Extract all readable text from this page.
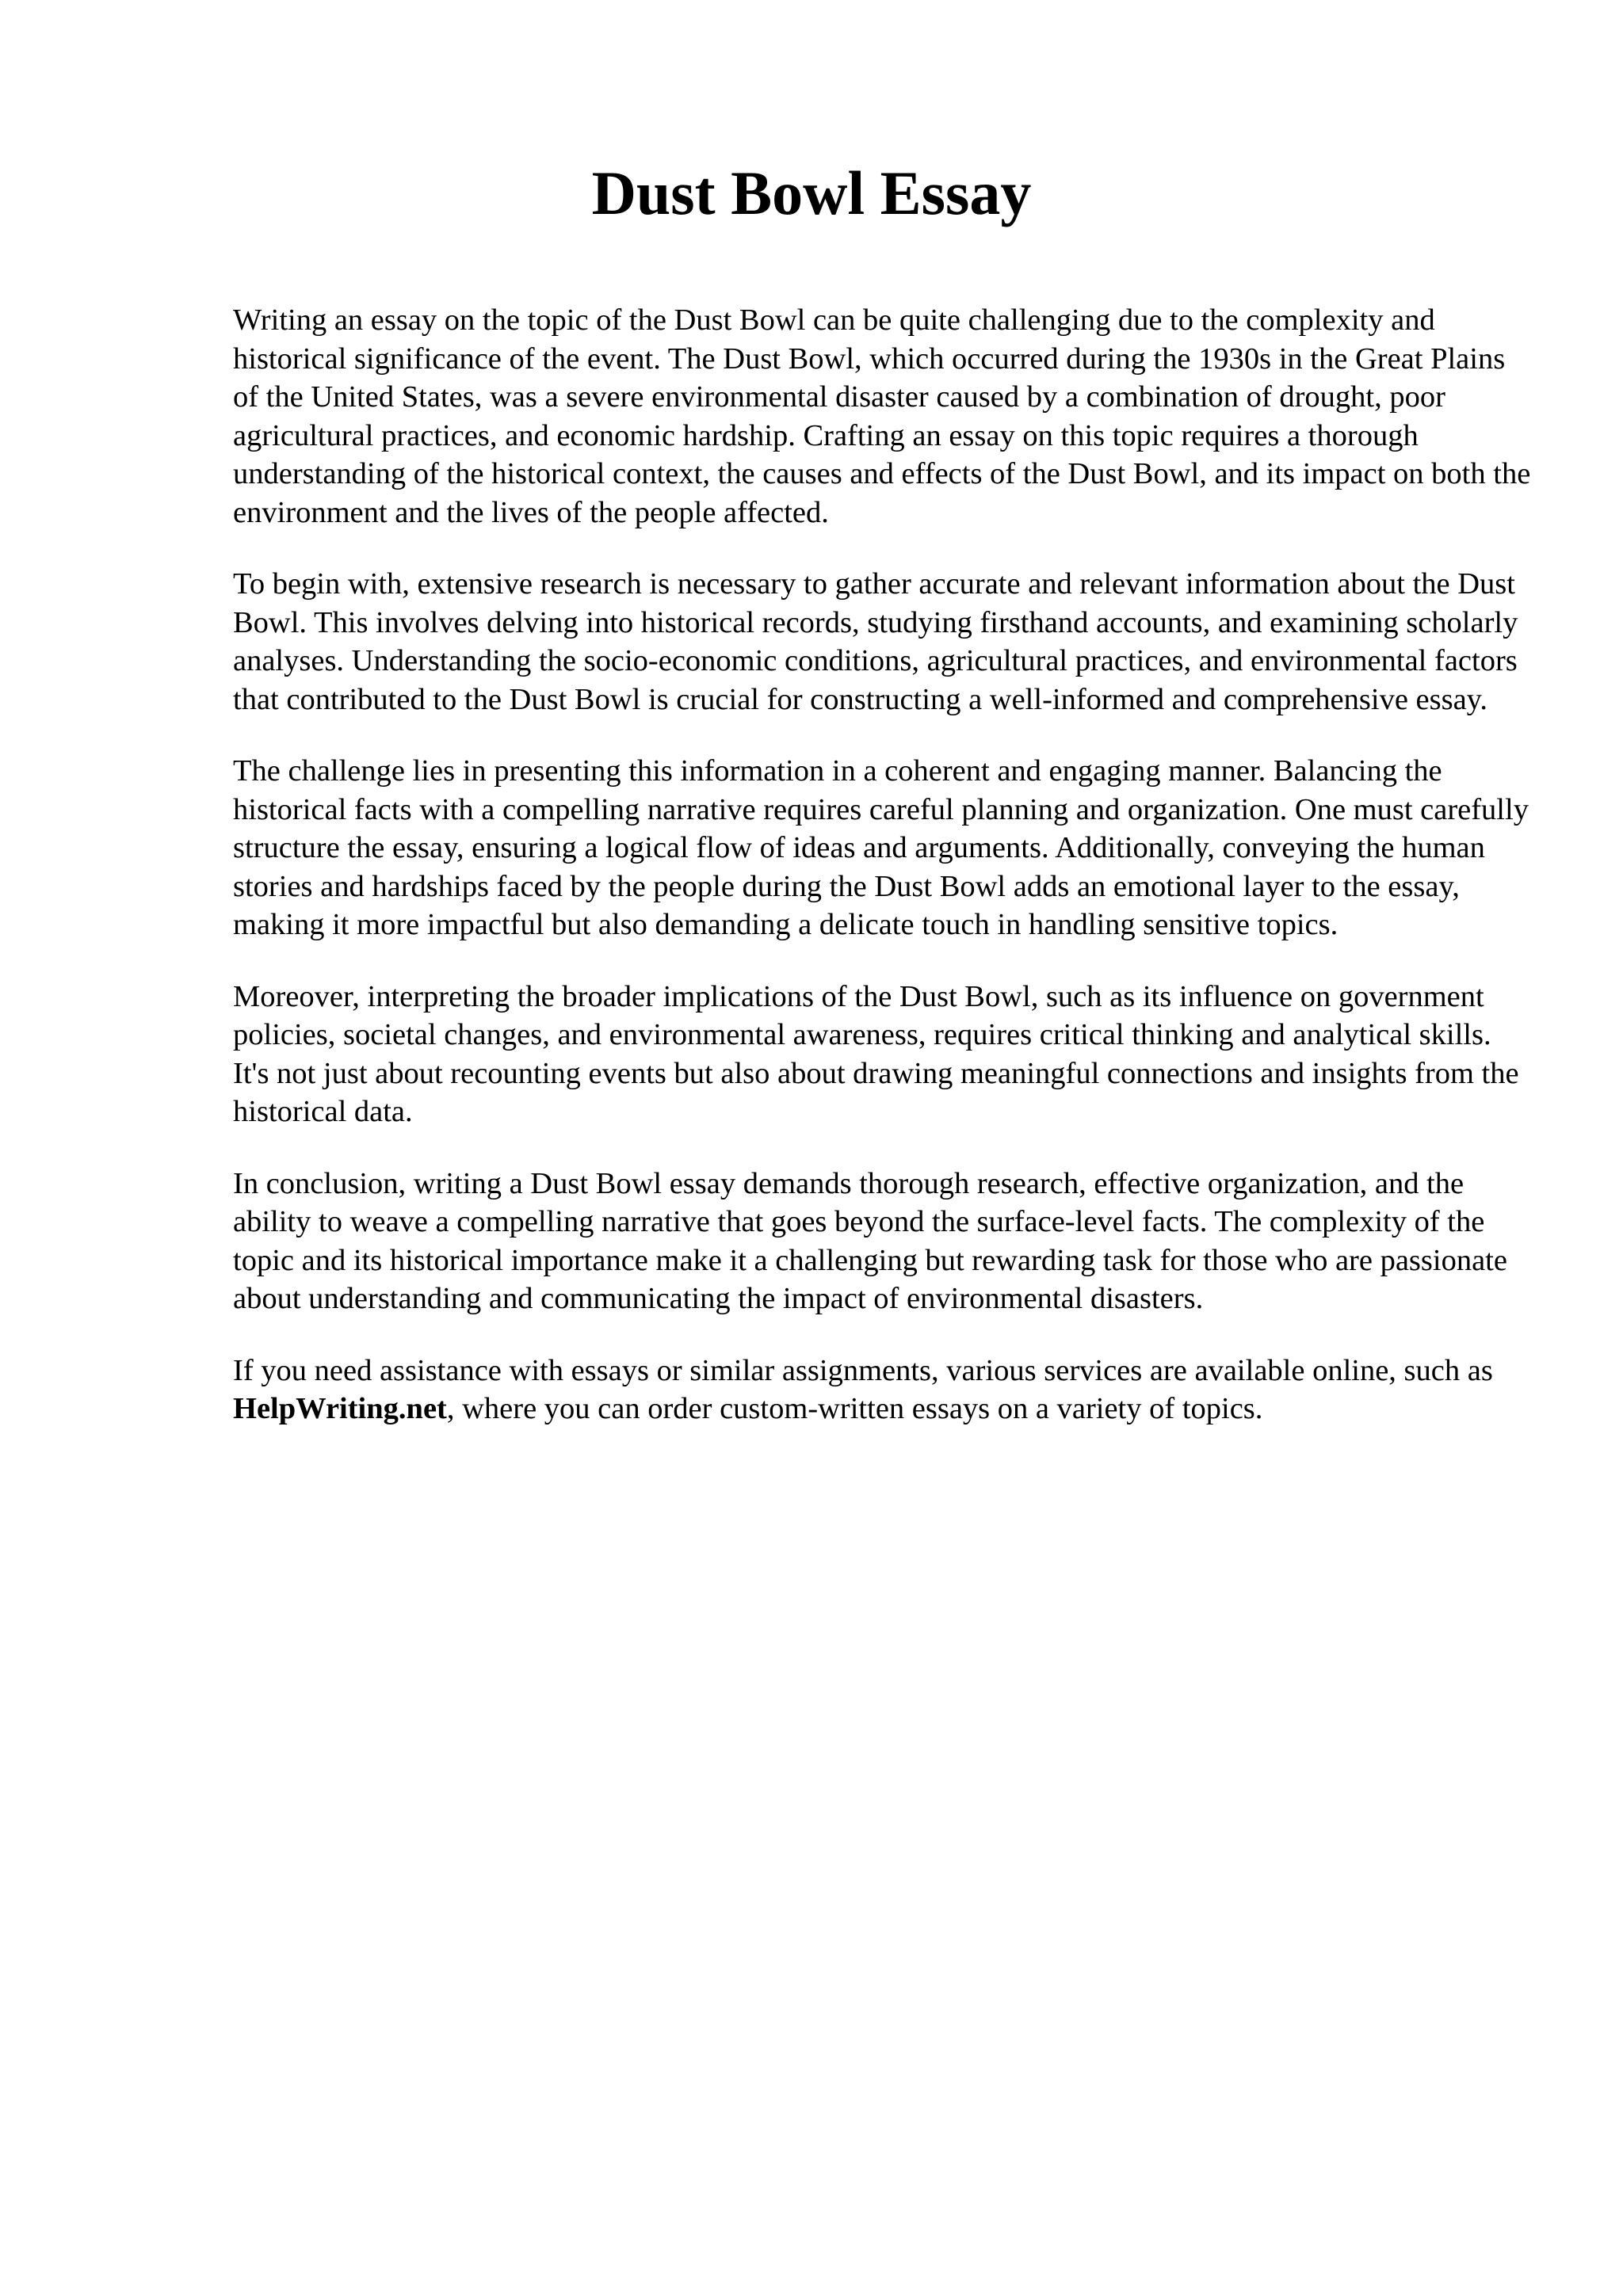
Dust Bowl Essay

Writing an essay on the topic of the Dust Bowl can be quite challenging due to the complexity and historical significance of the event. The Dust Bowl, which occurred during the 1930s in the Great Plains of the United States, was a severe environmental disaster caused by a combination of drought, poor agricultural practices, and economic hardship. Crafting an essay on this topic requires a thorough understanding of the historical context, the causes and effects of the Dust Bowl, and its impact on both the environment and the lives of the people affected.

To begin with, extensive research is necessary to gather accurate and relevant information about the Dust Bowl. This involves delving into historical records, studying firsthand accounts, and examining scholarly analyses. Understanding the socio-economic conditions, agricultural practices, and environmental factors that contributed to the Dust Bowl is crucial for constructing a well-informed and comprehensive essay.

The challenge lies in presenting this information in a coherent and engaging manner. Balancing the historical facts with a compelling narrative requires careful planning and organization. One must carefully structure the essay, ensuring a logical flow of ideas and arguments. Additionally, conveying the human stories and hardships faced by the people during the Dust Bowl adds an emotional layer to the essay, making it more impactful but also demanding a delicate touch in handling sensitive topics.

Moreover, interpreting the broader implications of the Dust Bowl, such as its influence on government policies, societal changes, and environmental awareness, requires critical thinking and analytical skills. It's not just about recounting events but also about drawing meaningful connections and insights from the historical data.

In conclusion, writing a Dust Bowl essay demands thorough research, effective organization, and the ability to weave a compelling narrative that goes beyond the surface-level facts. The complexity of the topic and its historical importance make it a challenging but rewarding task for those who are passionate about understanding and communicating the impact of environmental disasters.

If you need assistance with essays or similar assignments, various services are available online, such as HelpWriting.net, where you can order custom-written essays on a variety of topics.
